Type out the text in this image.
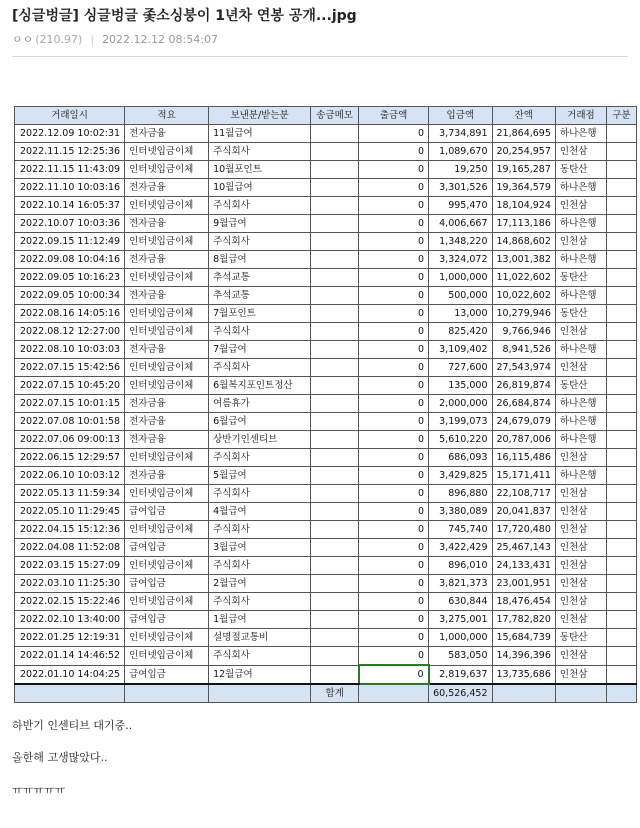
[싱글벙글] 싱글벙글 좇소싱붕이 1년차 연봉 공개...jpg
ㅇㅇ (210.97) | 2022.12.12 08:54:07
거래일시	적요	보낸분/받는분	송금메모	출금액	입금액	잔액	거래점	구분
2022.12.09 10:02:31	전자금융	11월급여		0	3,734,891	21,864,695	하나은행	
2022.11.15 12:25:36	인터넷입금이체	주식회사		0	1,089,670	20,254,957	인천삼	
2022.11.15 11:43:09	인터넷입금이체	10월포인트		0	19,250	19,165,287	동탄산	
2022.11.10 10:03:16	전자금융	10월급여		0	3,301,526	19,364,579	하나은행	
2022.10.14 16:05:37	인터넷입금이체	주식회사		0	995,470	18,104,924	인천삼	
2022.10.07 10:03:36	전자금융	9월급여		0	4,006,667	17,113,186	하나은행	
2022.09.15 11:12:49	인터넷입금이체	주식회사		0	1,348,220	14,868,602	인천삼	
2022.09.08 10:04:16	전자금융	8월급여		0	3,324,072	13,001,382	하나은행	
2022.09.05 10:16:23	인터넷입금이체	추석교통		0	1,000,000	11,022,602	동탄산	
2022.09.05 10:00:34	전자금융	추석교통		0	500,000	10,022,602	하나은행	
2022.08.16 14:05:16	인터넷입금이체	7월포인트		0	13,000	10,279,946	동탄산	
2022.08.12 12:27:00	인터넷입금이체	주식회사		0	825,420	9,766,946	인천삼	
2022.08.10 10:03:03	전자금융	7월급여		0	3,109,402	8,941,526	하나은행	
2022.07.15 15:42:56	인터넷입금이체	주식회사		0	727,600	27,543,974	인천삼	
2022.07.15 10:45:20	인터넷입금이체	6월복지포인트정산		0	135,000	26,819,874	동탄산	
2022.07.15 10:01:15	전자금융	여름휴가		0	2,000,000	26,684,874	하나은행	
2022.07.08 10:01:58	전자금융	6월급여		0	3,199,073	24,679,079	하나은행	
2022.07.06 09:00:13	전자금융	상반기인센티브		0	5,610,220	20,787,006	하나은행	
2022.06.15 12:29:57	인터넷입금이체	주식회사		0	686,093	16,115,486	인천삼	
2022.06.10 10:03:12	전자금융	5월급여		0	3,429,825	15,171,411	하나은행	
2022.05.13 11:59:34	인터넷입금이체	주식회사		0	896,880	22,108,717	인천삼	
2022.05.10 11:29:45	급여입금	4월급여		0	3,380,089	20,041,837	인천삼	
2022.04.15 15:12:36	인터넷입금이체	주식회사		0	745,740	17,720,480	인천삼	
2022.04.08 11:52:08	급여입금	3월급여		0	3,422,429	25,467,143	인천삼	
2022.03.15 15:27:09	인터넷입금이체	주식회사		0	896,010	24,133,431	인천삼	
2022.03.10 11:25:30	급여입금	2월급여		0	3,821,373	23,001,951	인천삼	
2022.02.15 15:22:46	인터넷입금이체	주식회사		0	630,844	18,476,454	인천삼	
2022.02.10 13:40:00	급여입금	1월급여		0	3,275,001	17,782,820	인천삼	
2022.01.25 12:19:31	인터넷입금이체	설명절교통비		0	1,000,000	15,684,739	동탄산	
2022.01.14 14:46:52	인터넷입금이체	주식회사		0	583,050	14,396,396	인천삼	
2022.01.10 14:04:25	급여입금	12월급여		0	2,819,637	13,735,686	인천삼	
			합계		60,526,452			
하반기 인센티브 대기중..
올한해 고생많았다..
ㅠㅠㅠㅠㅠ
